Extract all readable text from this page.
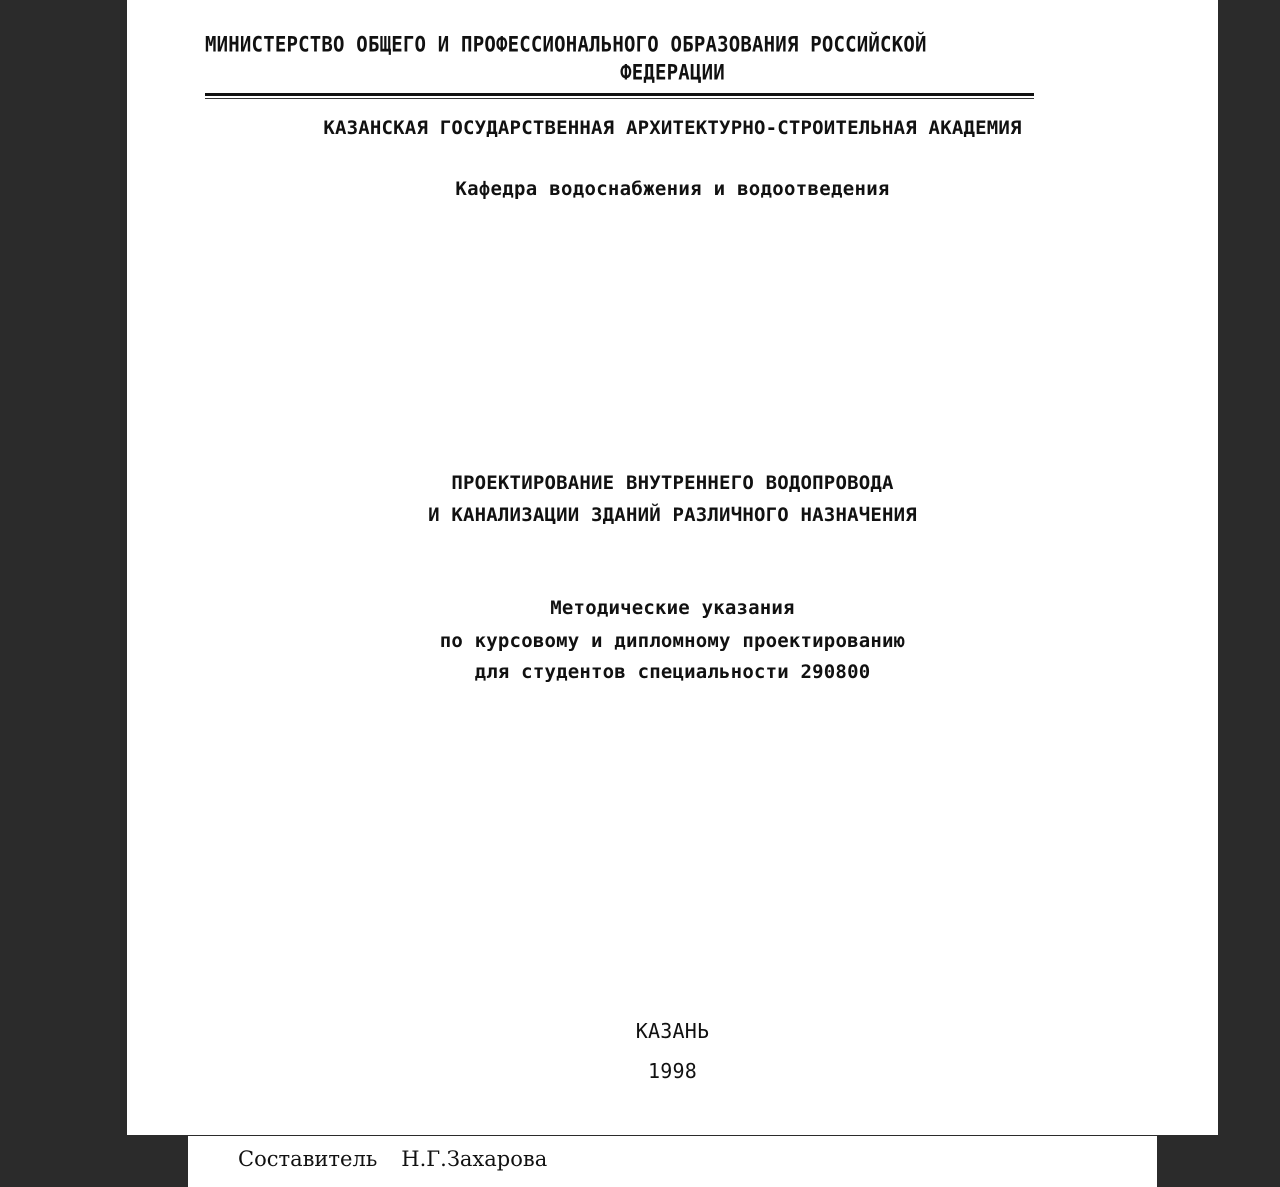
МИНИСТЕРСТВО ОБЩЕГО И ПРОФЕССИОНАЛЬНОГО ОБРАЗОВАНИЯ РОССИЙСКОЙ
ФЕДЕРАЦИИ
КАЗАНСКАЯ ГОСУДАРСТВЕННАЯ АРХИТЕКТУРНО-СТРОИТЕЛЬНАЯ АКАДЕМИЯ
Кафедра водоснабжения и водоотведения
ПРОЕКТИРОВАНИЕ ВНУТРЕННЕГО ВОДОПРОВОДА
И КАНАЛИЗАЦИИ ЗДАНИЙ РАЗЛИЧНОГО НАЗНАЧЕНИЯ
Методические указания
по курсовому и дипломному проектированию
для студентов специальности 290800
КАЗАНЬ
1998
Составитель Н.Г.Захарова
